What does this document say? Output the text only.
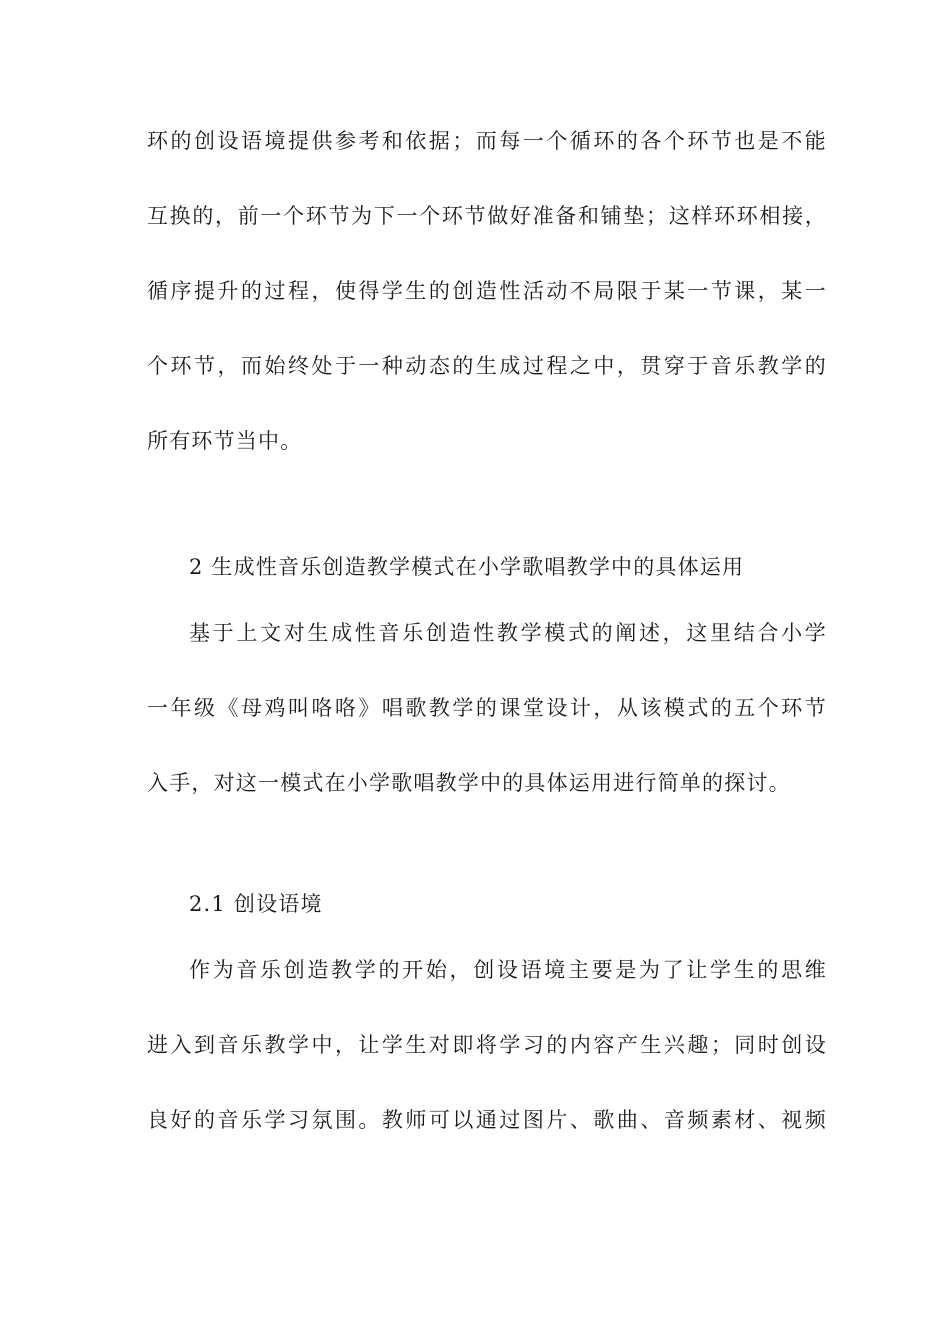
环的创设语境提供参考和依据；而每一个循环的各个环节也是不能
互换的，前一个环节为下一个环节做好准备和铺垫；这样环环相接，
循序提升的过程，使得学生的创造性活动不局限于某一节课，某一
个环节，而始终处于一种动态的生成过程之中，贯穿于音乐教学的
所有环节当中。
2 生成性音乐创造教学模式在小学歌唱教学中的具体运用
基于上文对生成性音乐创造性教学模式的阐述，这里结合小学
一年级《母鸡叫咯咯》唱歌教学的课堂设计，从该模式的五个环节
入手，对这一模式在小学歌唱教学中的具体运用进行简单的探讨。
2.1 创设语境
作为音乐创造教学的开始，创设语境主要是为了让学生的思维
进入到音乐教学中，让学生对即将学习的内容产生兴趣；同时创设
良好的音乐学习氛围。教师可以通过图片、歌曲、音频素材、视频
